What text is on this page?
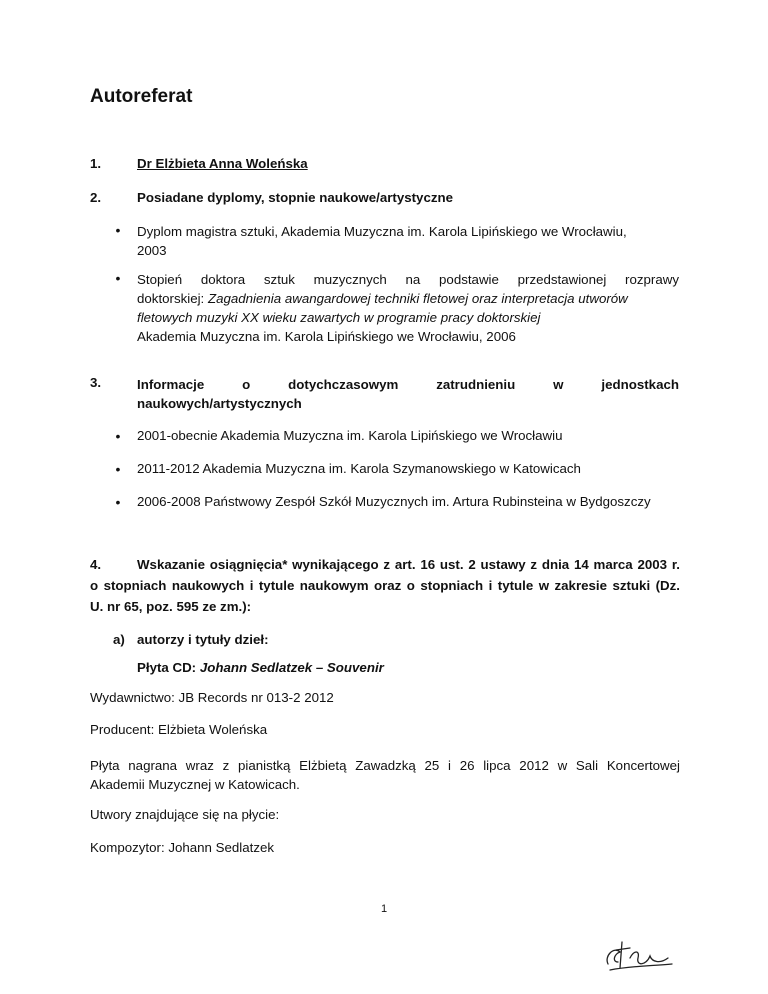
Autoreferat
1.	Dr Elżbieta Anna Woleńska
2.	Posiadane dyplomy, stopnie naukowe/artystyczne
• Dyplom magistra sztuki, Akademia Muzyczna im. Karola Lipińskiego we Wrocławiu,
2003
• Stopień doktora sztuk muzycznych na podstawie przedstawionej rozprawy
doktorskiej: Zagadnienia awangardowej techniki fletowej oraz interpretacja utworów
fletowych muzyki XX wieku zawartych w programie pracy doktorskiej
Akademia Muzyczna im. Karola Lipińskiego we Wrocławiu, 2006
3.	Informacje o dotychczasowym zatrudnieniu w jednostkach
naukowych/artystycznych
• 2001-obecnie Akademia Muzyczna im. Karola Lipińskiego we Wrocławiu
• 2011-2012 Akademia Muzyczna im. Karola Szymanowskiego w Katowicach
• 2006-2008 Państwowy Zespół Szkół Muzycznych im. Artura Rubinsteina w Bydgoszczy
4.	Wskazanie osiągnięcia* wynikającego z art. 16 ust. 2 ustawy z dnia 14 marca 2003 r.
o stopniach naukowych i tytule naukowym oraz o stopniach i tytule w zakresie sztuki (Dz.
U. nr 65, poz. 595 ze zm.):
a) autorzy i tytuły dzieł:
Płyta CD: Johann Sedlatzek – Souvenir
Wydawnictwo: JB Records nr 013-2 2012
Producent: Elżbieta Woleńska
Płyta nagrana wraz z pianistką Elżbietą Zawadzką 25 i 26 lipca 2012 w Sali Koncertowej
Akademii Muzycznej w Katowicach.
Utwory znajdujące się na płycie:
Kompozytor: Johann Sedlatzek
1
